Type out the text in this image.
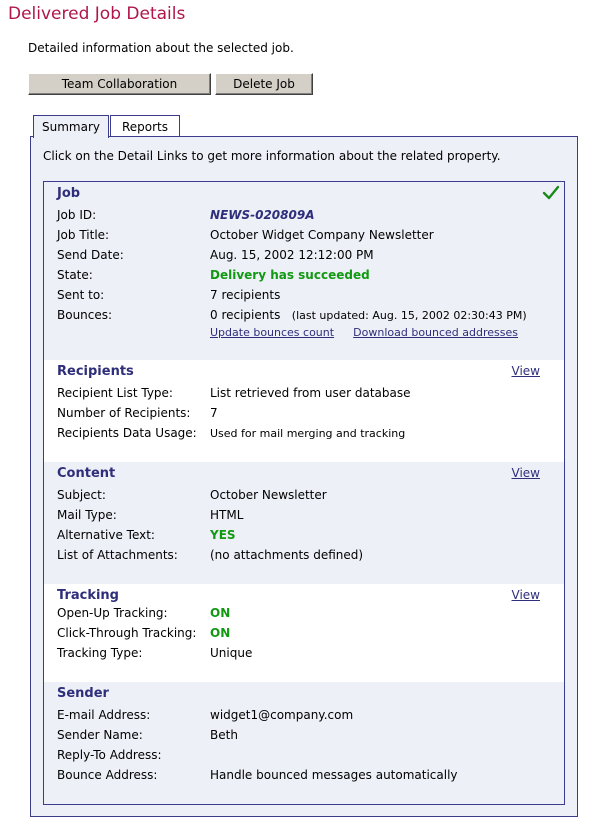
Delivered Job Details
Detailed information about the selected job.
Team Collaboration	Delete Job
Summary	Reports
Click on the Detail Links to get more information about the related property.
Job
Job ID:	NEWS-020809A
Job Title:	October Widget Company Newsletter
Send Date:	Aug. 15, 2002 12:12:00 PM
State:	Delivery has succeeded
Sent to:	7 recipients
Bounces:	0 recipients (last updated: Aug. 15, 2002 02:30:43 PM)
Update bounces count Download bounced addresses
Recipients	View
Recipient List Type:	List retrieved from user database
Number of Recipients: 7
Recipients Data Usage: Used for mail merging and tracking
Content	View
Subject:	October Newsletter
Mail Type:	HTML
Alternative Text:	YES
List of Attachments:	(no attachments defined)
Tracking	View
Open-Up Tracking:	ON
Click-Through Tracking: ON
Tracking Type:	Unique
Sender
E-mail Address:	widget1@company.com
Sender Name:	Beth
Reply-To Address:
Bounce Address:	Handle bounced messages automatically
